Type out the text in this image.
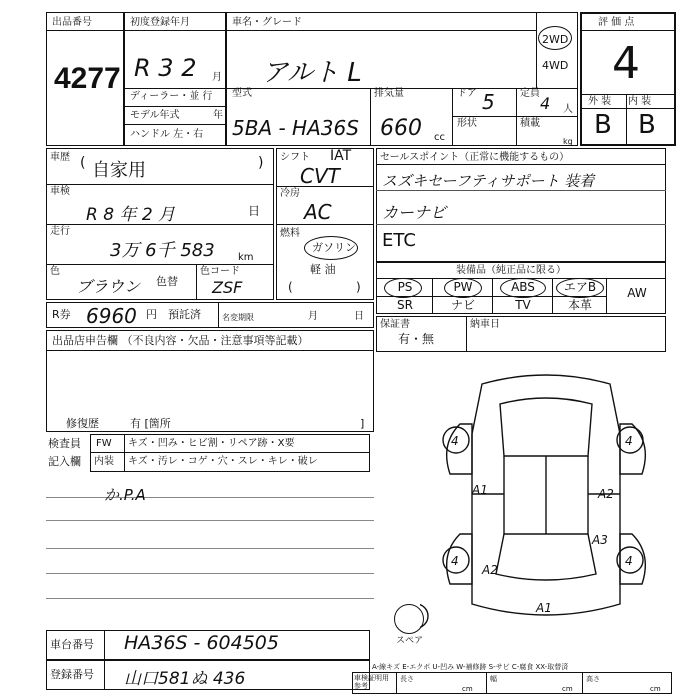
出品番号
4277
初度登録年月
R 3 2 月
ディーラー・並 行
モデル年式	年
ハンドル 左・右
車名・グレード
アルト L
2WD
4WD
型式
5BA - HA36S
排気量
660 cc
ドア 5	定員
4 人
形状	積載
kg
評 価 点
4
外 装 内 装
B B
車歴
自家用	)
(
車検
R 8 年 2 月	日
走行
3万 6千 583 km
色
ブラウン 色替
色コード
ZSF
シフト IAT
CVT
冷房
AC
燃料
ガソリン
軽 油
(	)
セールスポイント（正常に機能するもの）
スズキセーフティサポート 装着
カーナビ
ETC
装備品（純正品に限る）
PS	PW	ABS	エアB	AW
SR	ナビ	TV	本革
R券 6960 円 預託済	名変期限	月	日
保証書
有・無
納車日
出品店申告欄 （不良内容・欠品・注意事項等記載）
修復歴	有 [箇所	]
検査員
記入欄
FW キズ・凹み・ヒビ割・リペア跡・X要
内装 キズ・汚レ・コゲ・穴・スレ・キレ・破レ
か.P.A
4	4
4	4
A1	A2
A3
A2
A1
スペア
車台番号 HA36S - 604505
登録番号 山口581ぬ 436
A-線キズ E-エクボ U-凹み W-補修跡 S-サビ C-腐食 XX-取替済
車検証明用 参考
長さ
cm
幅
cm
高さ
cm
